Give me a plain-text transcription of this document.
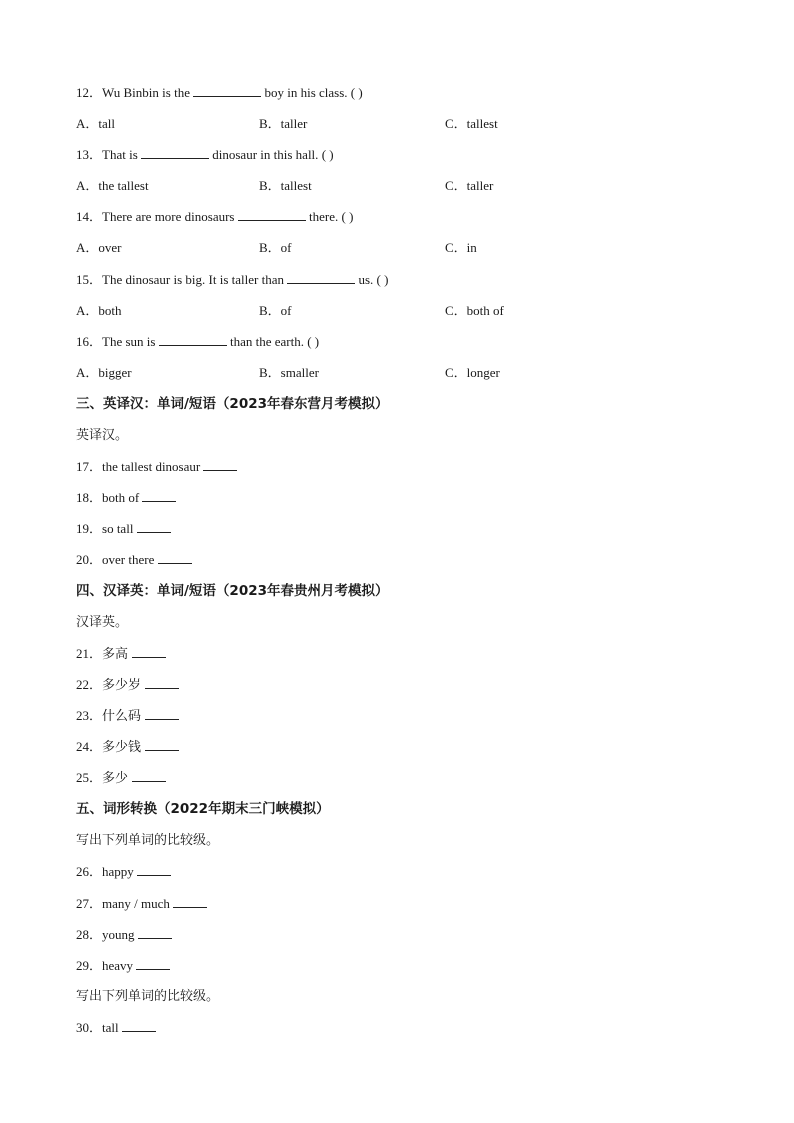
12．Wu Binbin is the	boy in his class. ( )
A．tall	B．taller	C．tallest
13．That is	dinosaur in this hall. ( )
A．the tallest	B．tallest	C．taller
14．There are more dinosaurs	there. ( )
A．over	B．of	C．in
15．The dinosaur is big. It is taller than	us. ( )
A．both	B．of	C．both of
16．The sun is	than the earth. ( )
A．bigger	B．smaller	C．longer
三、英译汉：单词/短语（2023年春东营月考模拟）
英译汉。
17．the tallest dinosaur
18．both of
19．so tall
20．over there
四、汉译英：单词/短语（2023年春贵州月考模拟）
汉译英。
21．多高
22．多少岁
23．什么码
24．多少钱
25．多少
五、词形转换（2022年期末三门峡模拟）
写出下列单词的比较级。
26．happy
27．many / much
28．young
29．heavy
写出下列单词的比较级。
30．tall
